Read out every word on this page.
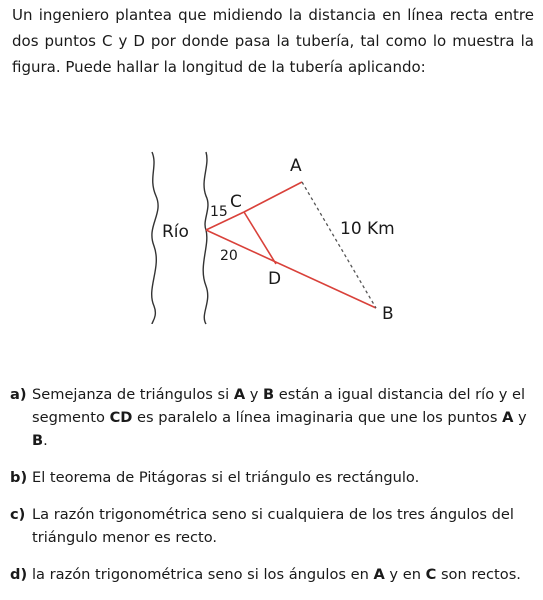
Un ingeniero plantea que midiendo la distancia en línea recta entre dos puntos C y D por donde pasa la tubería, tal como lo muestra la figura. Puede hallar la longitud de la tubería aplicando:

Río
A
B
C
D
15
20
10 Km
a) Semejanza de triángulos si A y B están a igual distancia del río y el segmento CD es paralelo a línea imaginaria que une los puntos A y B.
b) El teorema de Pitágoras si el triángulo es rectángulo.
c) La razón trigonométrica seno si cualquiera de los tres ángulos del triángulo menor es recto.
d) la razón trigonométrica seno si los ángulos en A y en C son rectos.
